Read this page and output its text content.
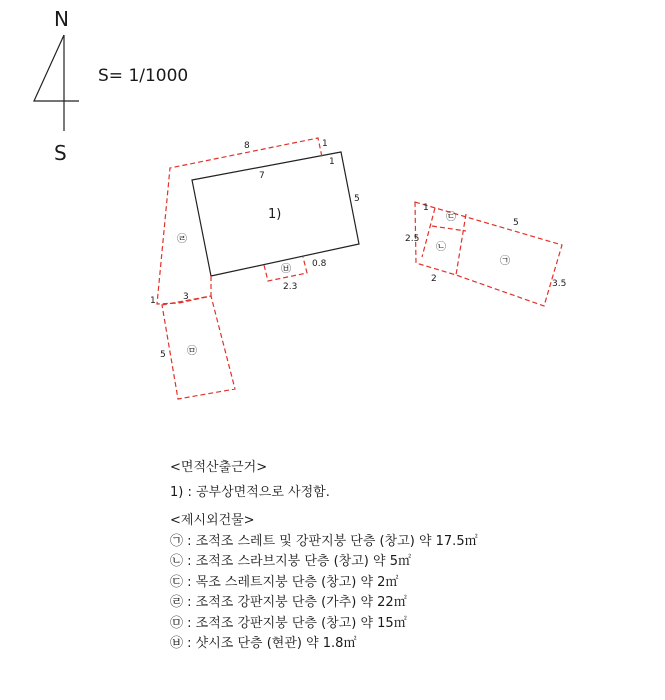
N
S
S= 1/1000
1)
7
5
㉣
㉤
㉥
8	1
1
1	3
5
0.8
2.3
㉢
㉡
㉠
1
5
2.5
2	3.5
<면적산출근거>
1) : 공부상면적으로 사정함.
<제시외건물>
㉠ : 조적조 스레트 및 강판지붕 단층 (창고) 약 17.5㎡
㉡ : 조적조 스라브지붕 단층 (창고) 약 5㎡
㉢ : 목조 스레트지붕 단층 (창고) 약 2㎡
㉣ : 조적조 강판지붕 단층 (가추) 약 22㎡
㉤ : 조적조 강판지붕 단층 (창고) 약 15㎡
㉥ : 샷시조 단층 (현관) 약 1.8㎡
